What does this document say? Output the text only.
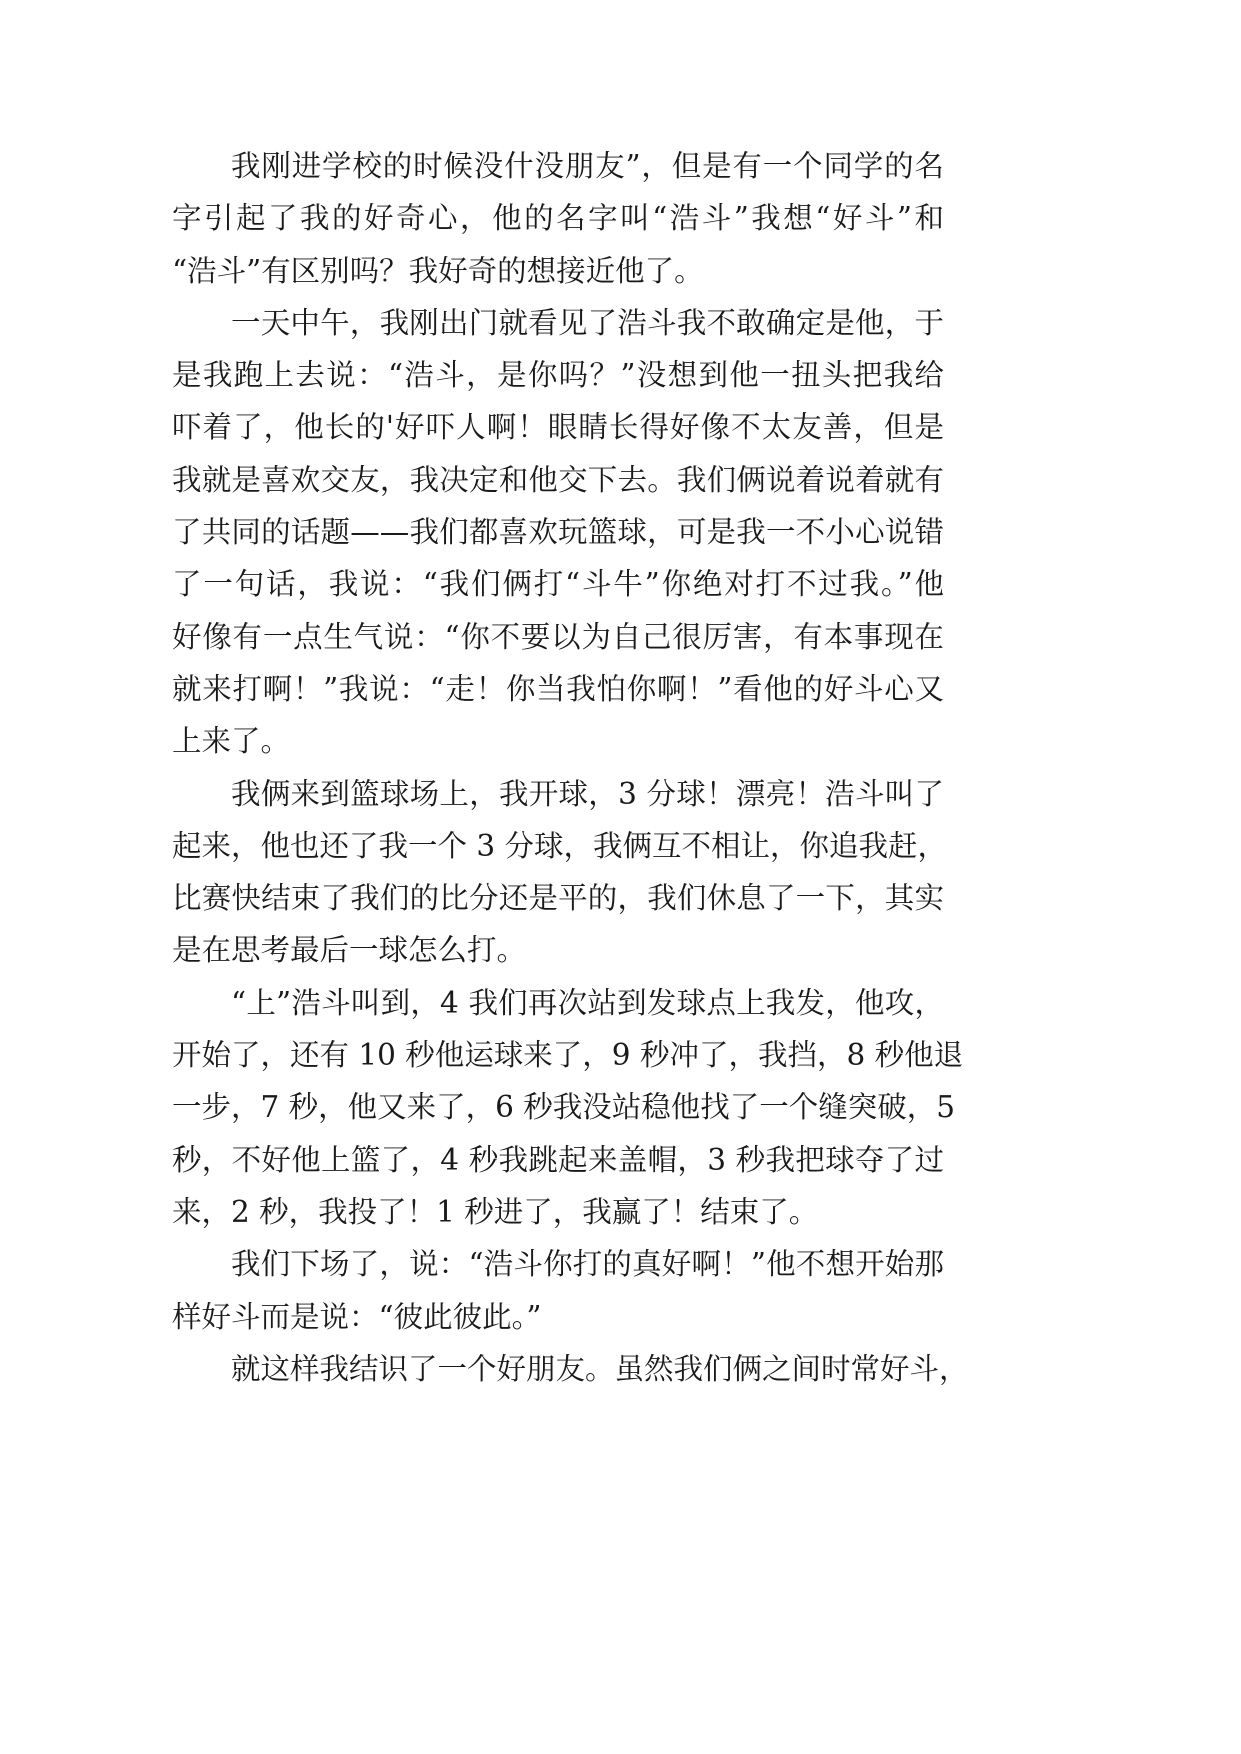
我刚进学校的时候没什没朋友”，但是有一个同学的名
字引起了我的好奇心，他的名字叫“浩斗”我想“好斗”和
“浩斗”有区别吗？我好奇的想接近他了。
一天中午，我刚出门就看见了浩斗我不敢确定是他，于
是我跑上去说：“浩斗，是你吗？”没想到他一扭头把我给
吓着了，他长的'好吓人啊！眼睛长得好像不太友善，但是
我就是喜欢交友，我决定和他交下去。我们俩说着说着就有
了共同的话题——我们都喜欢玩篮球，可是我一不小心说错
了一句话，我说：“我们俩打“斗牛”你绝对打不过我。”他
好像有一点生气说：“你不要以为自己很厉害，有本事现在
就来打啊！”我说：“走！你当我怕你啊！”看他的好斗心又
上来了。
我俩来到篮球场上，我开球，3 分球！漂亮！浩斗叫了
起来，他也还了我一个 3 分球，我俩互不相让，你追我赶，
比赛快结束了我们的比分还是平的，我们休息了一下，其实
是在思考最后一球怎么打。
“上”浩斗叫到，4 我们再次站到发球点上我发，他攻，
开始了，还有 10 秒他运球来了，9 秒冲了，我挡，8 秒他退
一步，7 秒，他又来了，6 秒我没站稳他找了一个缝突破，5
秒，不好他上篮了，4 秒我跳起来盖帽，3 秒我把球夺了过
来，2 秒，我投了！1 秒进了，我赢了！结束了。
我们下场了，说：“浩斗你打的真好啊！”他不想开始那
样好斗而是说：“彼此彼此。”
就这样我结识了一个好朋友。虽然我们俩之间时常好斗，
